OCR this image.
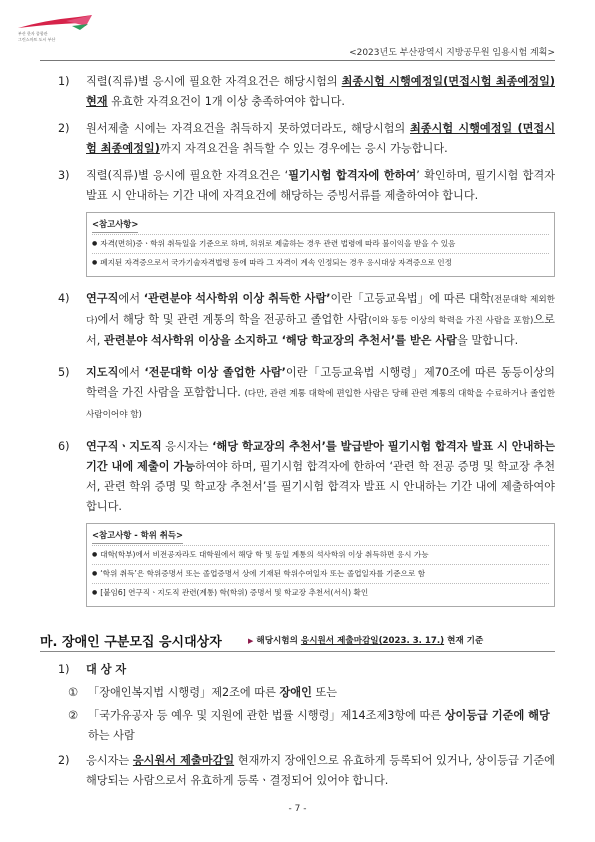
부산 한자 종합관
그린스마트 도시 부산
<2023년도 부산광역시 지방공무원 임용시험 계획>
1) 직렬(직류)별 응시에 필요한 자격요건은 해당시험의 최종시험 시행예정일(면접시험 최종예정일) 현재 유효한 자격요건이 1개 이상 충족하여야 합니다.
2) 원서제출 시에는 자격요건을 취득하지 못하였더라도, 해당시험의 최종시험 시행예정일 (면접시험 최종예정일)까지 자격요건을 취득할 수 있는 경우에는 응시 가능합니다.
3) 직렬(직류)별 응시에 필요한 자격요건은 ‘필기시험 합격자에 한하여’ 확인하며, 필기시험 합격자 발표 시 안내하는 기간 내에 자격요건에 해당하는 증빙서류를 제출하여야 합니다.
<참고사항>
● 자격(면허)증ㆍ학위 취득일을 기준으로 하며, 허위로 제출하는 경우 관련 법령에 따라 불이익을 받을 수 있음
● 폐지된 자격증으로서 국가기술자격법령 등에 따라 그 자격이 계속 인정되는 경우 응시대상 자격증으로 인정
4) 연구직에서 ‘관련분야 석사학위 이상 취득한 사람’이란「고등교육법」에 따른 대학(전문대학 제외한다)에서 해당 학 및 관련 계통의 학을 전공하고 졸업한 사람(이와 동등 이상의 학력을 가진 사람을 포함)으로서, 관련분야 석사학위 이상을 소지하고 ‘해당 학교장의 추천서’를 받은 사람을 말합니다.
5) 지도직에서 ‘전문대학 이상 졸업한 사람’이란「고등교육법 시행령」제70조에 따른 동등이상의 학력을 가진 사람을 포함합니다. (다만, 관련 계통 대학에 편입한 사람은 당해 관련 계통의 대학을 수료하거나 졸업한 사람이어야 함)
6) 연구직ㆍ지도직 응시자는 ‘해당 학교장의 추천서’를 발급받아 필기시험 합격자 발표 시 안내하는 기간 내에 제출이 가능하여야 하며, 필기시험 합격자에 한하여 ‘관련 학 전공 증명 및 학교장 추천서, 관련 학위 증명 및 학교장 추천서’를 필기시험 합격자 발표 시 안내하는 기간 내에 제출하여야 합니다.
<참고사항 - 학위 취득>
● 대학(학부)에서 비전공자라도 대학원에서 해당 학 및 동일 계통의 석사학위 이상 취득하면 응시 가능
● ‘학위 취득’은 학위증명서 또는 졸업증명서 상에 기재된 학위수여일자 또는 졸업일자를 기준으로 함
● [붙임6] 연구직ㆍ지도직 관련(계통) 학(학위) 증명서 및 학교장 추천서(서식) 확인
마. 장애인 구분모집 응시대상자	▶ 해당시험의 응시원서 제출마감일(2023. 3. 17.) 현재 기준
1) 대 상 자
① 「장애인복지법 시행령」제2조에 따른 장애인 또는
② 「국가유공자 등 예우 및 지원에 관한 법률 시행령」제14조제3항에 따른 상이등급 기준에 해당하는 사람
2) 응시자는 응시원서 제출마감일 현재까지 장애인으로 유효하게 등록되어 있거나, 상이등급 기준에 해당되는 사람으로서 유효하게 등록ㆍ결정되어 있어야 합니다.
- 7 -
